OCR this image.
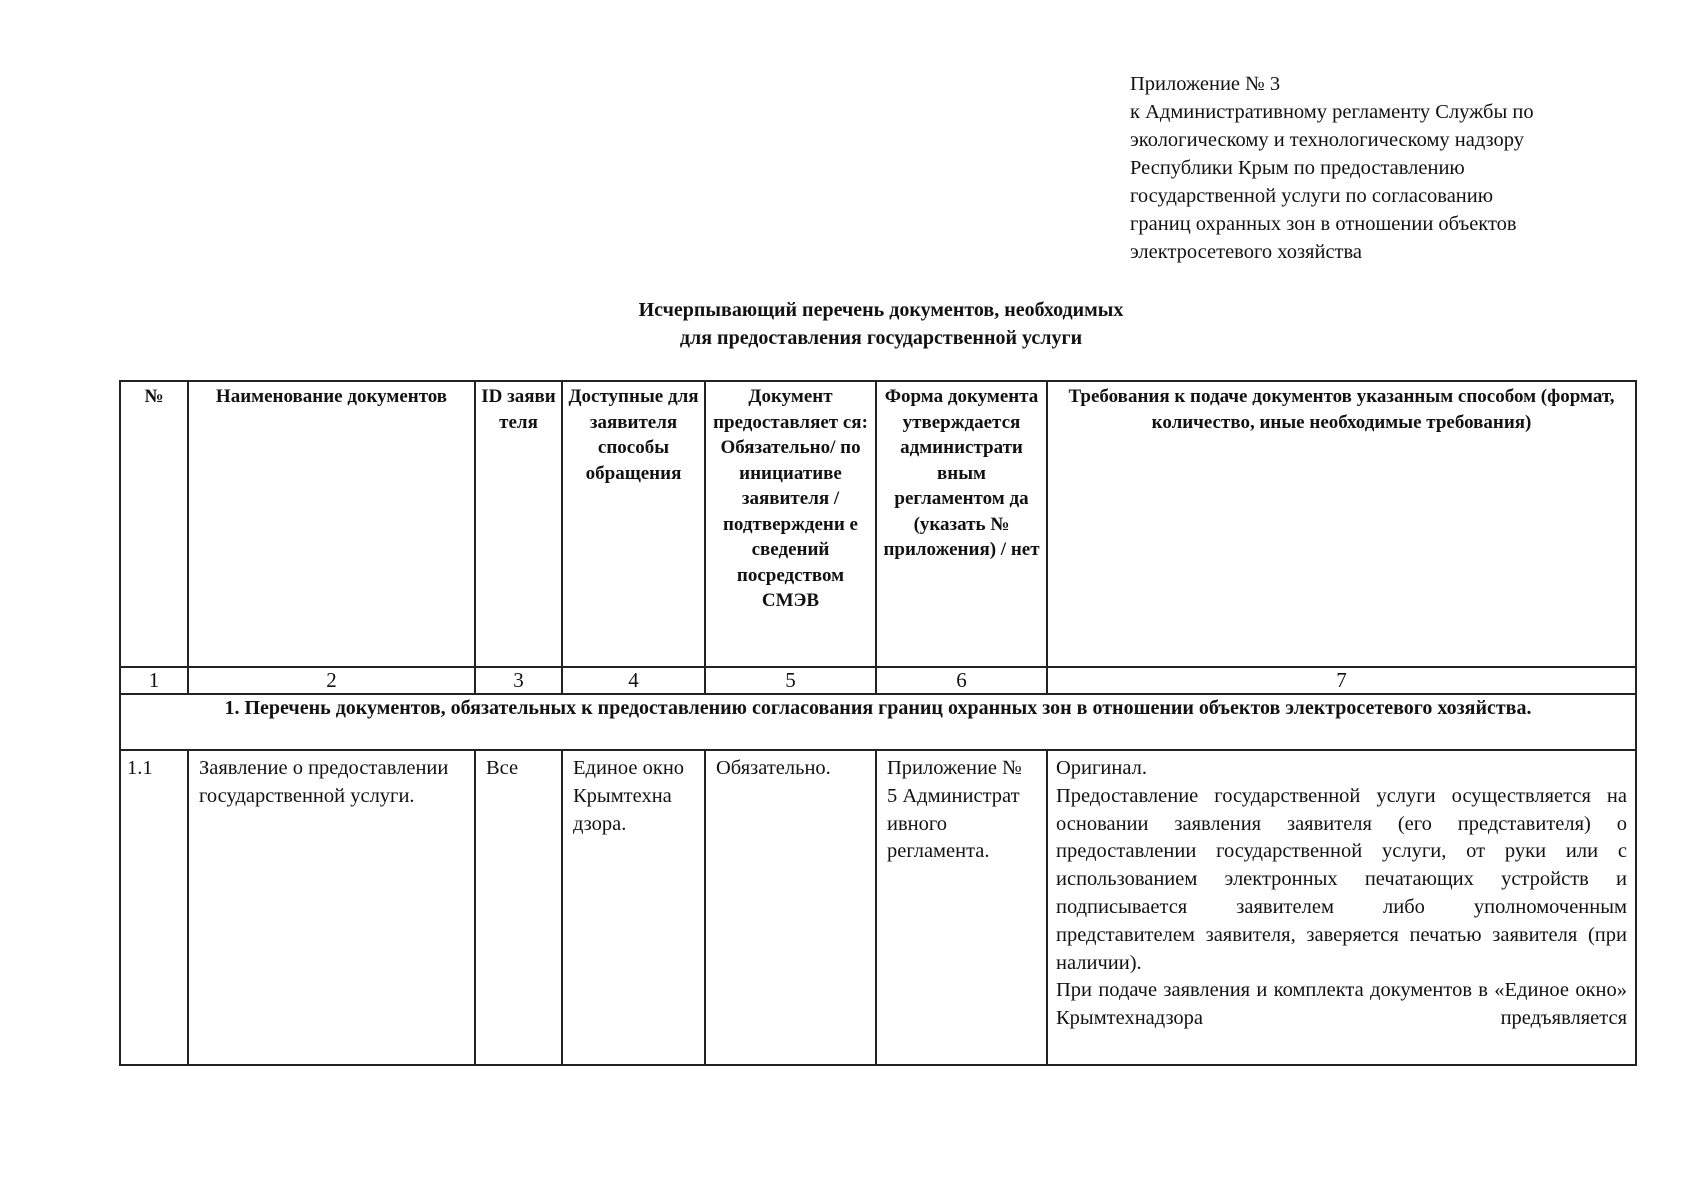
Приложение № 3
к Административному регламенту Службы по
экологическому и технологическому надзору
Республики Крым по предоставлению
государственной услуги по согласованию
границ охранных зон в отношении объектов
электросетевого хозяйства
Исчерпывающий перечень документов, необходимых
для предоставления государственной услуги
№	Наименование документов	ID заяви теля	Доступные для заявителя способы обращения	Документ предоставляет ся: Обязательно/ по инициативе заявителя /подтверждени е сведений посредством СМЭВ	Форма документа утверждается администрати вным регламентом да (указать № приложения) / нет	Требования к подаче документов указанным способом (формат, количество, иные необходимые требования)
1	2	3	4	5	6	7
1. Перечень документов, обязательных к предоставлению согласования границ охранных зон в отношении объектов электросетевого хозяйства.						
1.1	Заявление о предоставлении государственной услуги.	Все	Единое окно Крымтехна дзора.	Обязательно.	Приложение № 5 Администрат ивного регламента.	Оригинал.
Предоставление государственной услуги осуществляется на основании заявления заявителя (его представителя) о предоставлении государственной услуги, от руки или с использованием электронных печатающих устройств и подписывается заявителем либо уполномоченным представителем заявителя, заверяется печатью заявителя (при наличии).
При подаче заявления и комплекта документов в «Единое окно» Крымтехнадзора предъявляется
